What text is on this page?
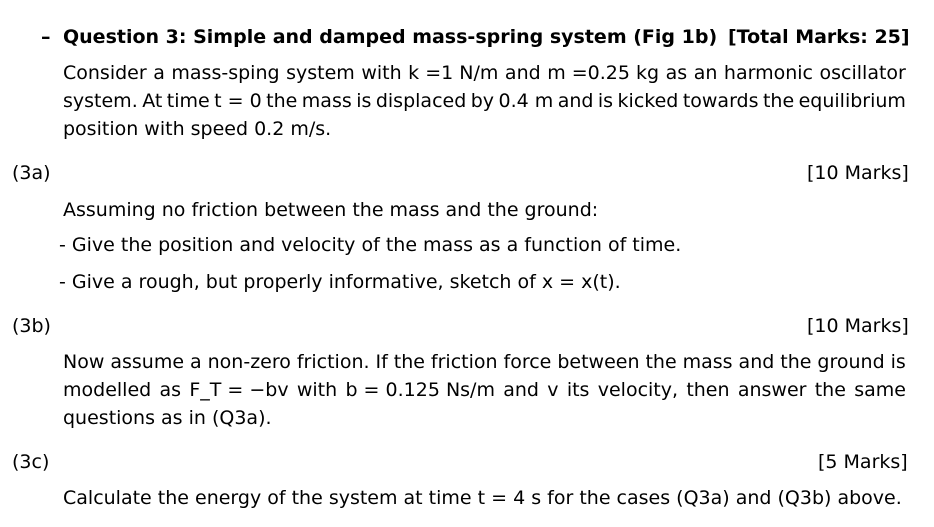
– Question 3: Simple and damped mass-spring system (Fig 1b) [Total Marks: 25]
Consider a mass-sping system with k =1 N/m and m =0.25 kg as an harmonic oscillator
system. At time t = 0 the mass is displaced by 0.4 m and is kicked towards the equilibrium
position with speed 0.2 m/s.
(3a)	[10 Marks]
Assuming no friction between the mass and the ground:
- Give the position and velocity of the mass as a function of time.
- Give a rough, but properly informative, sketch of x = x(t).
(3b)	[10 Marks]
Now assume a non-zero friction. If the friction force between the mass and the ground is
modelled as F_T = −bv with b = 0.125 Ns/m and v its velocity, then answer the same
questions as in (Q3a).
(3c)	[5 Marks]
Calculate the energy of the system at time t = 4 s for the cases (Q3a) and (Q3b) above.
